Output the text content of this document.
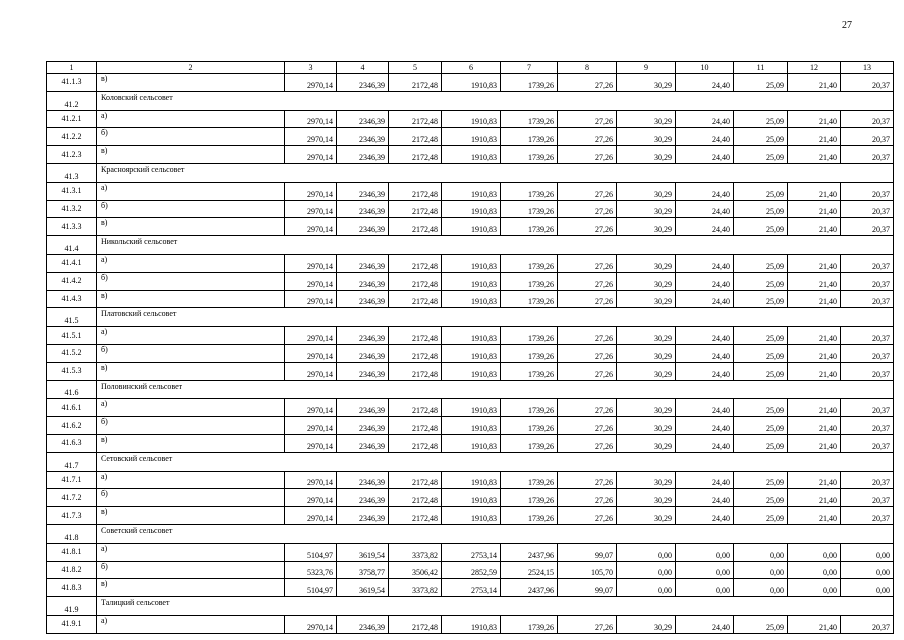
27
1	2	3	4	5	6	7	8	9	10	11	12	13
41.1.3	в)	2970,14	2346,39	2172,48	1910,83	1739,26	27,26	30,29	24,40	25,09	21,40	20,37
41.2	Коловский сельсовет											
41.2.1	а)	2970,14	2346,39	2172,48	1910,83	1739,26	27,26	30,29	24,40	25,09	21,40	20,37
41.2.2	б)	2970,14	2346,39	2172,48	1910,83	1739,26	27,26	30,29	24,40	25,09	21,40	20,37
41.2.3	в)	2970,14	2346,39	2172,48	1910,83	1739,26	27,26	30,29	24,40	25,09	21,40	20,37
41.3	Красноярский сельсовет											
41.3.1	а)	2970,14	2346,39	2172,48	1910,83	1739,26	27,26	30,29	24,40	25,09	21,40	20,37
41.3.2	б)	2970,14	2346,39	2172,48	1910,83	1739,26	27,26	30,29	24,40	25,09	21,40	20,37
41.3.3	в)	2970,14	2346,39	2172,48	1910,83	1739,26	27,26	30,29	24,40	25,09	21,40	20,37
41.4	Никольский сельсовет											
41.4.1	а)	2970,14	2346,39	2172,48	1910,83	1739,26	27,26	30,29	24,40	25,09	21,40	20,37
41.4.2	б)	2970,14	2346,39	2172,48	1910,83	1739,26	27,26	30,29	24,40	25,09	21,40	20,37
41.4.3	в)	2970,14	2346,39	2172,48	1910,83	1739,26	27,26	30,29	24,40	25,09	21,40	20,37
41.5	Платовский сельсовет											
41.5.1	а)	2970,14	2346,39	2172,48	1910,83	1739,26	27,26	30,29	24,40	25,09	21,40	20,37
41.5.2	б)	2970,14	2346,39	2172,48	1910,83	1739,26	27,26	30,29	24,40	25,09	21,40	20,37
41.5.3	в)	2970,14	2346,39	2172,48	1910,83	1739,26	27,26	30,29	24,40	25,09	21,40	20,37
41.6	Половинский сельсовет											
41.6.1	а)	2970,14	2346,39	2172,48	1910,83	1739,26	27,26	30,29	24,40	25,09	21,40	20,37
41.6.2	б)	2970,14	2346,39	2172,48	1910,83	1739,26	27,26	30,29	24,40	25,09	21,40	20,37
41.6.3	в)	2970,14	2346,39	2172,48	1910,83	1739,26	27,26	30,29	24,40	25,09	21,40	20,37
41.7	Сетовский сельсовет											
41.7.1	а)	2970,14	2346,39	2172,48	1910,83	1739,26	27,26	30,29	24,40	25,09	21,40	20,37
41.7.2	б)	2970,14	2346,39	2172,48	1910,83	1739,26	27,26	30,29	24,40	25,09	21,40	20,37
41.7.3	в)	2970,14	2346,39	2172,48	1910,83	1739,26	27,26	30,29	24,40	25,09	21,40	20,37
41.8	Советский сельсовет											
41.8.1	а)	5104,97	3619,54	3373,82	2753,14	2437,96	99,07	0,00	0,00	0,00	0,00	0,00
41.8.2	б)	5323,76	3758,77	3506,42	2852,59	2524,15	105,70	0,00	0,00	0,00	0,00	0,00
41.8.3	в)	5104,97	3619,54	3373,82	2753,14	2437,96	99,07	0,00	0,00	0,00	0,00	0,00
41.9	Талицкий сельсовет											
41.9.1	а)	2970,14	2346,39	2172,48	1910,83	1739,26	27,26	30,29	24,40	25,09	21,40	20,37
